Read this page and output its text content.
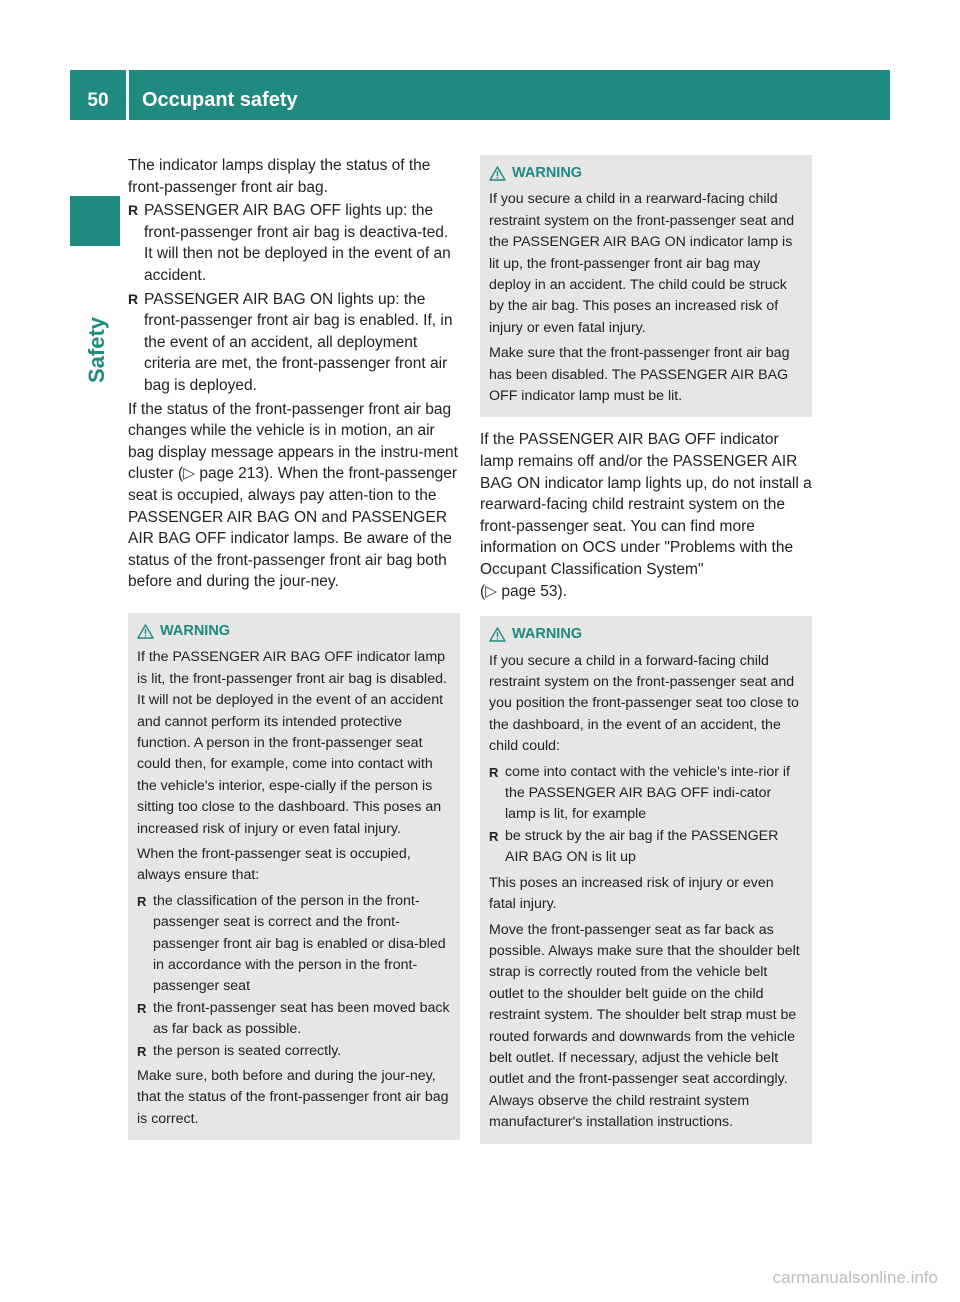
50	Occupant safety
Safety

The indicator lamps display the status of the front-passenger front air bag.

R PASSENGER AIR BAG OFF lights up: the front-passenger front air bag is deactiva-ted. It will then not be deployed in the event of an accident.
R PASSENGER AIR BAG ON lights up: the front-passenger front air bag is enabled. If, in the event of an accident, all deployment criteria are met, the front-passenger front air bag is deployed.

If the status of the front-passenger front air bag changes while the vehicle is in motion, an air bag display message appears in the instru-ment cluster (▷ page 213). When the front-passenger seat is occupied, always pay atten-tion to the PASSENGER AIR BAG ON and PASSENGER AIR BAG OFF indicator lamps. Be aware of the status of the front-passenger front air bag both before and during the jour-ney.

WARNING

If the PASSENGER AIR BAG OFF indicator lamp is lit, the front-passenger front air bag is disabled. It will not be deployed in the event of an accident and cannot perform its intended protective function. A person in the front-passenger seat could then, for example, come into contact with the vehicle's interior, espe-cially if the person is sitting too close to the dashboard. This poses an increased risk of injury or even fatal injury.

When the front-passenger seat is occupied, always ensure that:

R the classification of the person in the front-passenger seat is correct and the front-passenger front air bag is enabled or disa-bled in accordance with the person in the front-passenger seat
R the front-passenger seat has been moved back as far back as possible.
R the person is seated correctly.

Make sure, both before and during the jour-ney, that the status of the front-passenger front air bag is correct.

WARNING

If you secure a child in a rearward-facing child restraint system on the front-passenger seat and the PASSENGER AIR BAG ON indicator lamp is lit up, the front-passenger front air bag may deploy in an accident. The child could be struck by the air bag. This poses an increased risk of injury or even fatal injury.

Make sure that the front-passenger front air bag has been disabled. The PASSENGER AIR BAG OFF indicator lamp must be lit.

If the PASSENGER AIR BAG OFF indicator lamp remains off and/or the PASSENGER AIR BAG ON indicator lamp lights up, do not install a rearward-facing child restraint system on the front-passenger seat. You can find more information on OCS under "Problems with the Occupant Classification System"
(▷ page 53).

WARNING

If you secure a child in a forward-facing child restraint system on the front-passenger seat and you position the front-passenger seat too close to the dashboard, in the event of an accident, the child could:

R come into contact with the vehicle's inte-rior if the PASSENGER AIR BAG OFF indi-cator lamp is lit, for example
R be struck by the air bag if the PASSENGER AIR BAG ON is lit up

This poses an increased risk of injury or even fatal injury.

Move the front-passenger seat as far back as possible. Always make sure that the shoulder belt strap is correctly routed from the vehicle belt outlet to the shoulder belt guide on the child restraint system. The shoulder belt strap must be routed forwards and downwards from the vehicle belt outlet. If necessary, adjust the vehicle belt outlet and the front-passenger seat accordingly. Always observe the child restraint system manufacturer's installation instructions.

carmanualsonline.info
